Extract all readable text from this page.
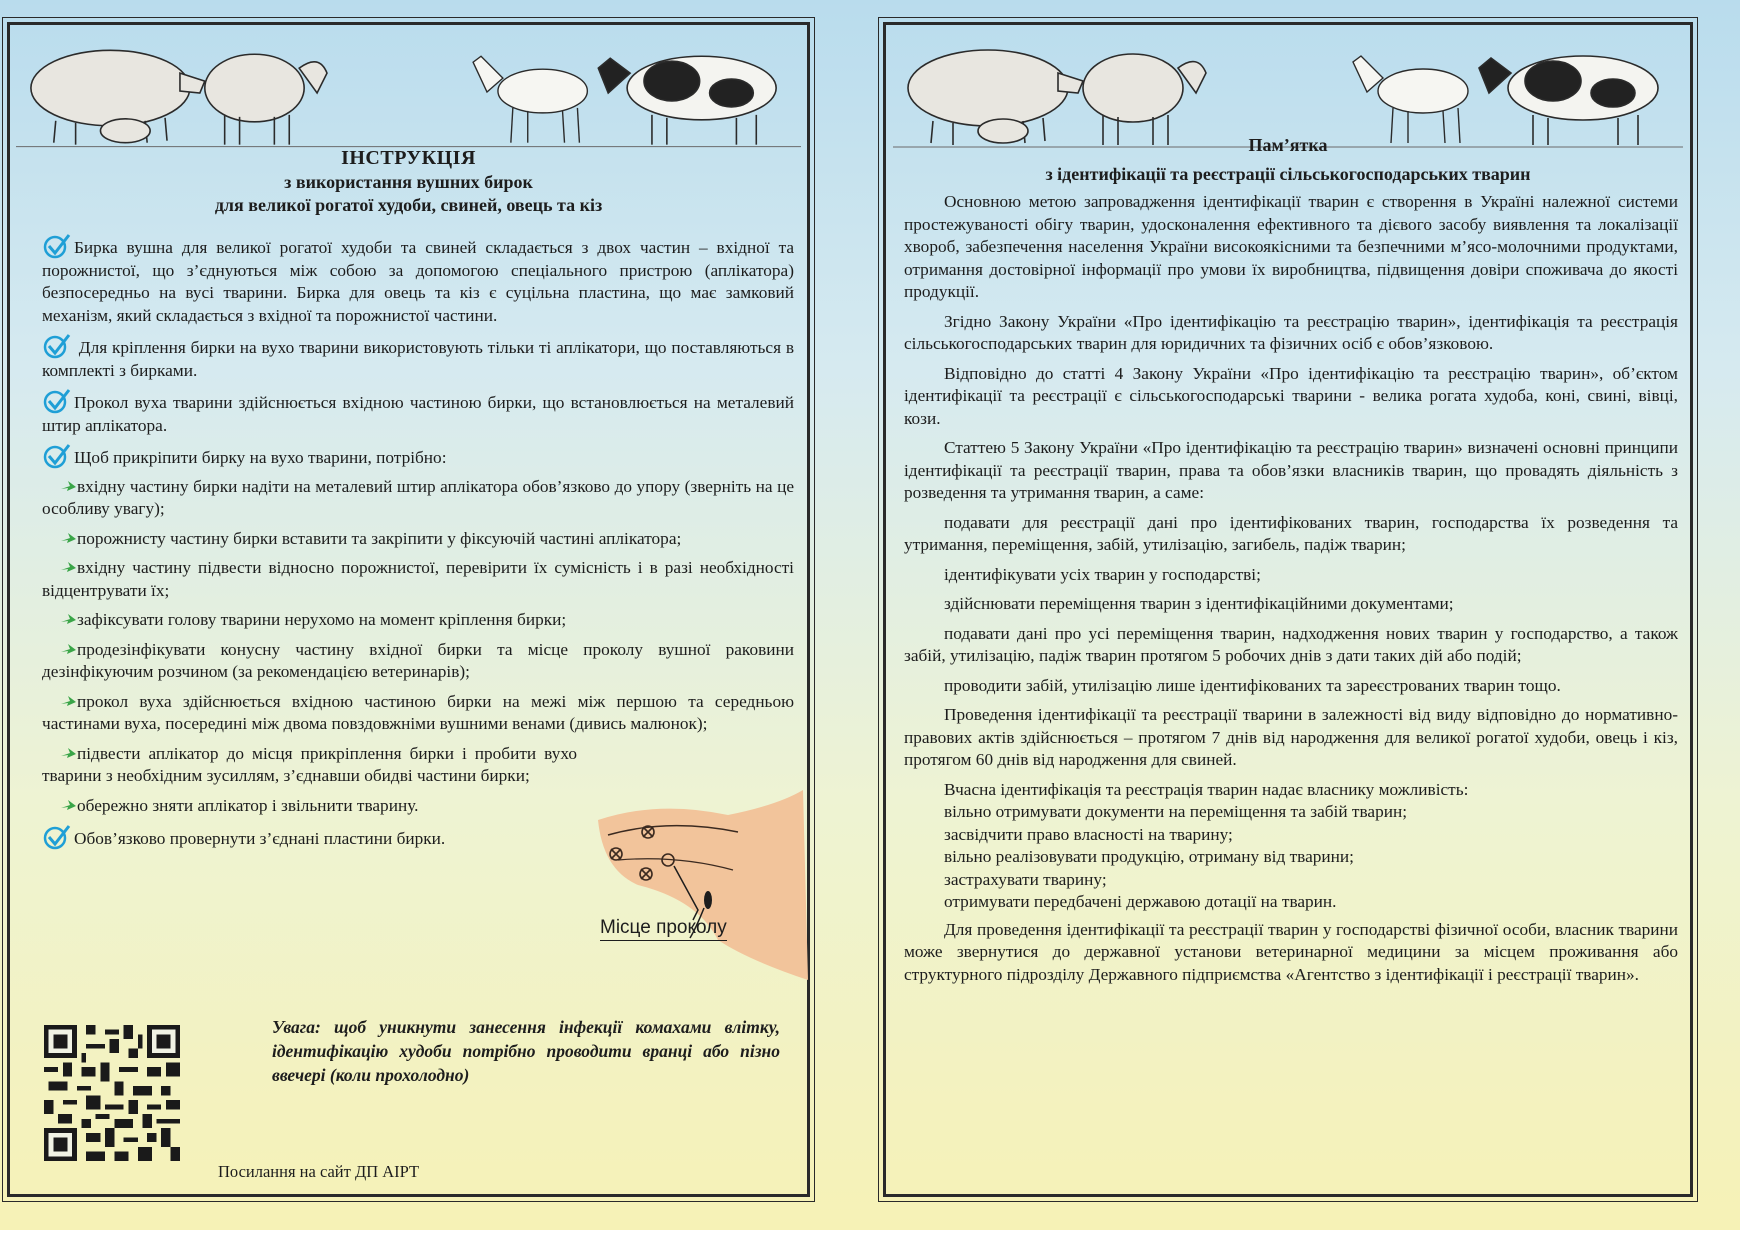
ІНСТРУКЦІЯ
з використання вушних бирок
для великої рогатої худоби, свиней, овець та кіз
Бирка вушна для великої рогатої худоби та свиней складається з двох частин – вхідної та порожнистої, що з’єднуються між собою за допомогою спеціального пристрою (аплікатора) безпосередньо на вусі тварини. Бирка для овець та кіз є суцільна пластина, що має замковий механізм, який складається з вхідної та порожнистої частини.
Для кріплення бирки на вухо тварини використовують тільки ті аплікатори, що поставляються в комплекті з бирками.
Прокол вуха тварини здійснюється вхідною частиною бирки, що встановлюється на металевий штир аплікатора.
Щоб прикріпити бирку на вухо тварини, потрібно:
вхідну частину бирки надіти на металевий штир аплікатора обов’язково до упору (зверніть на це особливу увагу);
порожнисту частину бирки вставити та закріпити у фіксуючій частині аплікатора;
вхідну частину підвести відносно порожнистої, перевірити їх сумісність і в разі необхідності відцентрувати їх;
зафіксувати голову тварини нерухомо на момент кріплення бирки;
продезінфікувати конусну частину вхідної бирки та місце проколу вушної раковини дезінфікуючим розчином (за рекомендацією ветеринарів);
прокол вуха здійснюється вхідною частиною бирки на межі між першою та середньою частинами вуха, посередині між двома повздовжніми вушними венами (дивись малюнок);
підвести аплікатор до місця прикріплення бирки і пробити вухо тварини з необхідним зусиллям, з’єднавши обидві частини бирки;
обережно зняти аплікатор і звільнити тварину.
Обов’язково провернути з’єднані пластини бирки.
Місце проколу
Увага: щоб уникнути занесення інфекції комахами влітку, ідентифікацію худоби потрібно проводити вранці або пізно ввечері (коли прохолодно)
Посилання на сайт ДП АІРТ
Пам’ятка
з ідентифікації та реєстрації сільськогосподарських тварин
Основною метою запровадження ідентифікації тварин є створення в Україні належної системи простежуваності обігу тварин, удосконалення ефективного та дієвого засобу виявлення та локалізації хвороб, забезпечення населення України високоякісними та безпечними м’ясо-молочними продуктами, отримання достовірної інформації про умови їх виробництва, підвищення довіри споживача до якості продукції.
Згідно Закону України «Про ідентифікацію та реєстрацію тварин», ідентифікація та реєстрація сільськогосподарських тварин для юридичних та фізичних осіб є обов’язковою.
Відповідно до статті 4 Закону України «Про ідентифікацію та реєстрацію тварин», об’єктом ідентифікації та реєстрації є сільськогосподарські тварини - велика рогата худоба, коні, свині, вівці, кози.
Статтею 5 Закону України «Про ідентифікацію та реєстрацію тварин» визначені основні принципи ідентифікації та реєстрації тварин, права та обов’язки власників тварин, що провадять діяльність з розведення та утримання тварин, а саме:
подавати для реєстрації дані про ідентифікованих тварин, господарства їх розведення та утримання, переміщення, забій, утилізацію, загибель, падіж тварин;
ідентифікувати усіх тварин у господарстві;
здійснювати переміщення тварин з ідентифікаційними документами;
подавати дані про усі переміщення тварин, надходження нових тварин у господарство, а також забій, утилізацію, падіж тварин протягом 5 робочих днів з дати таких дій або подій;
проводити забій, утилізацію лише ідентифікованих та зареєстрованих тварин тощо.
Проведення ідентифікації та реєстрації тварини в залежності від виду відповідно до нормативно-правових актів здійснюється – протягом 7 днів від народження для великої рогатої худоби, овець і кіз, протягом 60 днів від народження для свиней.
Вчасна ідентифікація та реєстрація тварин надає власнику можливість:
вільно отримувати документи на переміщення та забій тварин;
засвідчити право власності на тварину;
вільно реалізовувати продукцію, отриману від тварини;
застрахувати тварину;
отримувати передбачені державою дотації на тварин.
Для проведення ідентифікації та реєстрації тварин у господарстві фізичної особи, власник тварини може звернутися до державної установи ветеринарної медицини за місцем проживання або структурного підрозділу Державного підприємства «Агентство з ідентифікації і реєстрації тварин».
